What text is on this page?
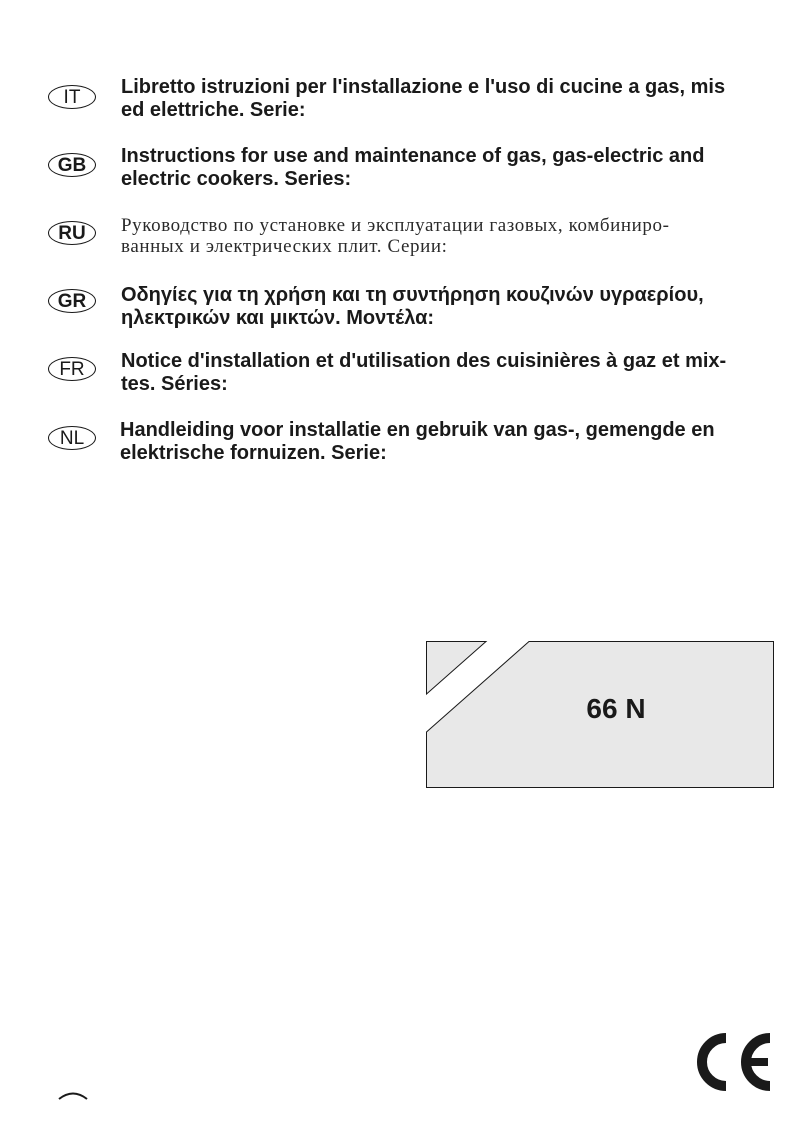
IT	Libretto istruzioni per l'installazione e l'uso di cucine a gas, mis
ed elettriche. Serie:
GB	Instructions for use and maintenance of gas, gas-electric and
electric cookers. Series:
RU	Руководство по установке и эксплуатации газовых, комбиниро-
ванных и электрических плит. Серии:
GR	Οδηγίες για τη χρήση και τη συντήρηση κουζινών υγραερίου,
ηλεκτρικών και μικτών. Μοντέλα:
FR	Notice d'installation et d'utilisation des cuisinières à gaz et mix-
tes. Séries:
NL	Handleiding voor installatie en gebruik van gas-, gemengde en
elektrische fornuizen. Serie:
66 N
